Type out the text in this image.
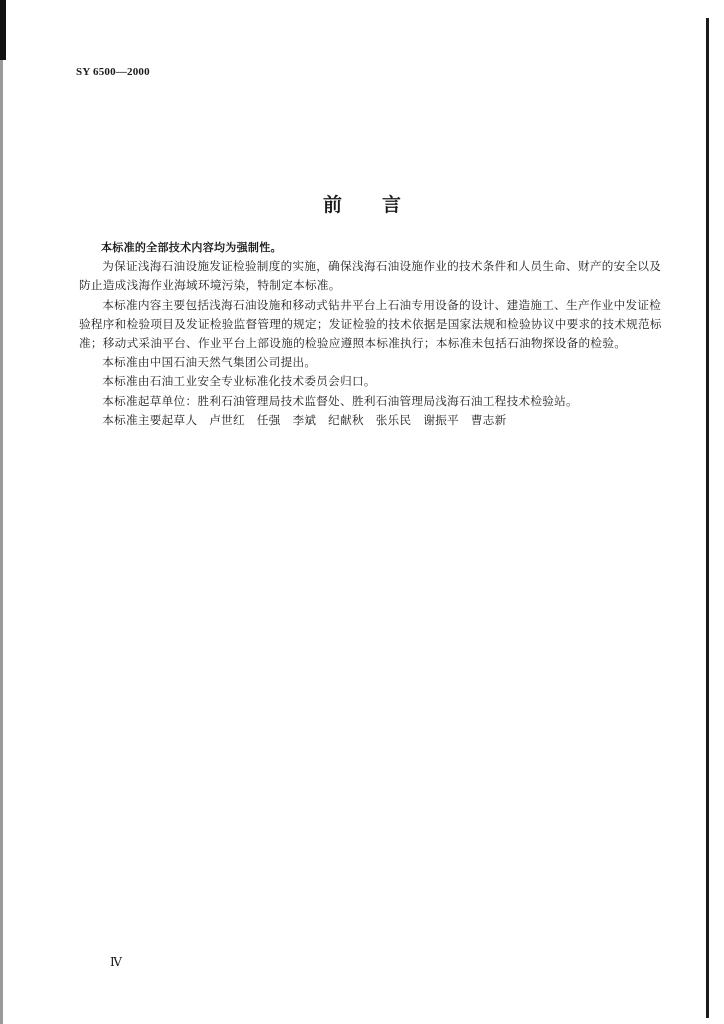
SY 6500—2000
前 言

本标准的全部技术内容均为强制性。

为保证浅海石油设施发证检验制度的实施，确保浅海石油设施作业的技术条件和人员生命、财产的安全以及防止造成浅海作业海域环境污染，特制定本标准。

本标准内容主要包括浅海石油设施和移动式钻井平台上石油专用设备的设计、建造施工、生产作业中发证检验程序和检验项目及发证检验监督管理的规定；发证检验的技术依据是国家法规和检验协议中要求的技术规范标准；移动式采油平台、作业平台上部设施的检验应遵照本标准执行；本标准未包括石油物探设备的检验。

本标准由中国石油天然气集团公司提出。

本标准由石油工业安全专业标准化技术委员会归口。

本标准起草单位：胜利石油管理局技术监督处、胜利石油管理局浅海石油工程技术检验站。

本标准主要起草人　卢世红　任强　李斌　纪献秋　张乐民　谢振平　曹志新

Ⅳ
